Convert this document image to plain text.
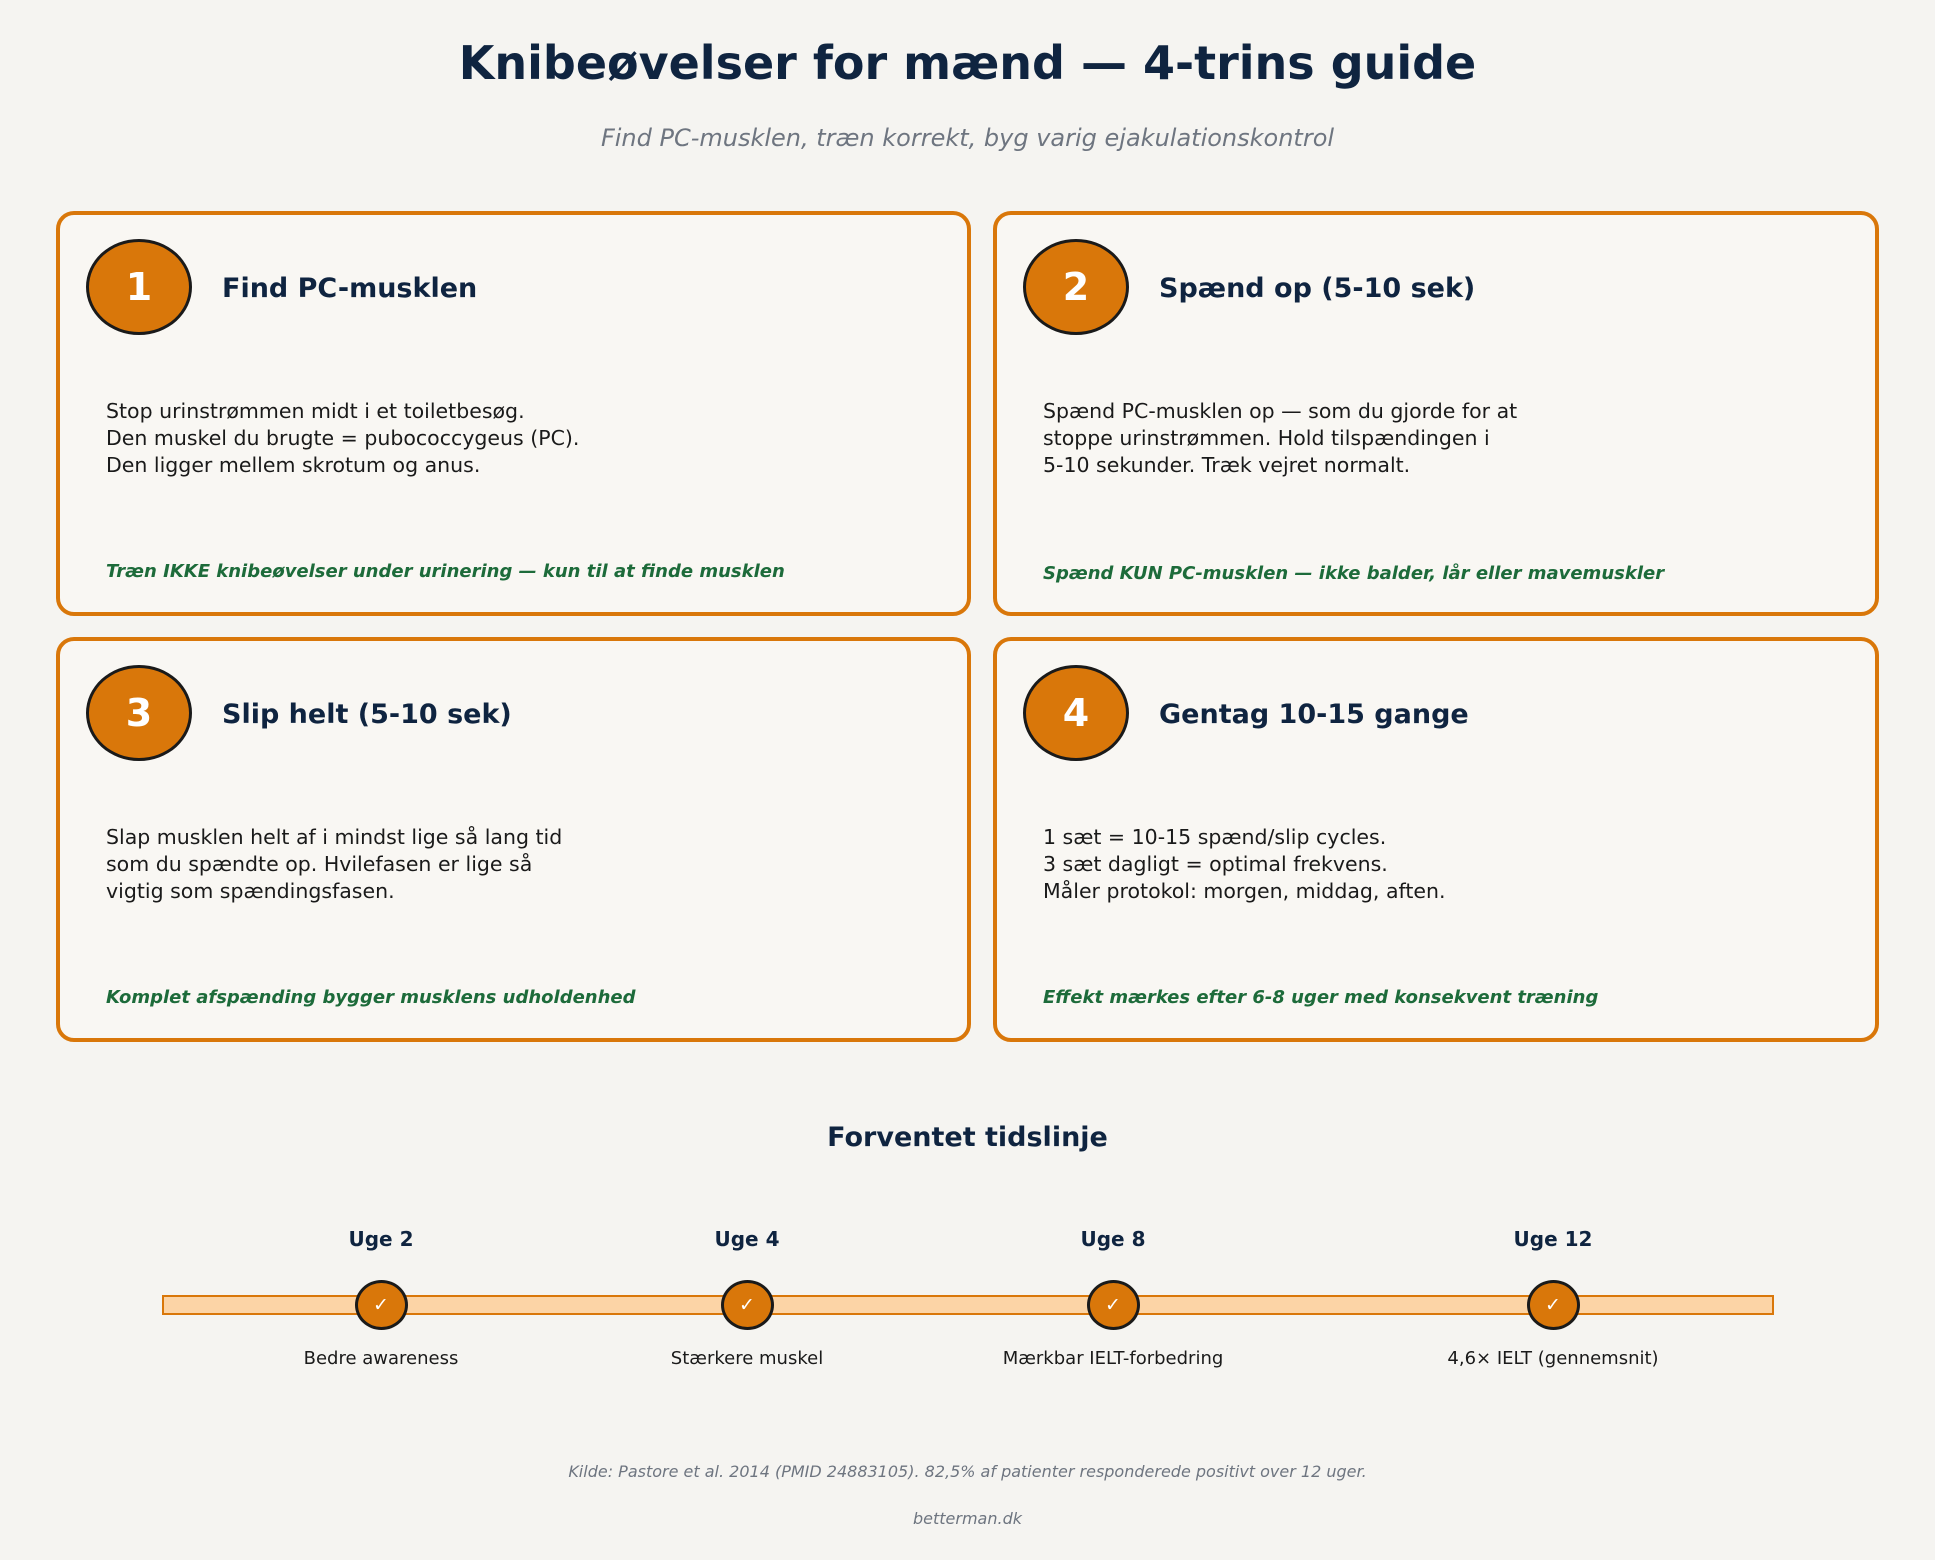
Knibeøvelser for mænd — 4-trins guide
Find PC-musklen, træn korrekt, byg varig ejakulationskontrol
1	Find PC-musklen
Stop urinstrømmen midt i et toiletbesøg.
Den muskel du brugte = pubococcygeus (PC).
Den ligger mellem skrotum og anus.
Træn IKKE knibeøvelser under urinering — kun til at finde musklen
2	Spænd op (5-10 sek)
Spænd PC-musklen op — som du gjorde for at
stoppe urinstrømmen. Hold tilspændingen i
5-10 sekunder. Træk vejret normalt.
Spænd KUN PC-musklen — ikke balder, lår eller mavemuskler
3	Slip helt (5-10 sek)
Slap musklen helt af i mindst lige så lang tid
som du spændte op. Hvilefasen er lige så
vigtig som spændingsfasen.
Komplet afspænding bygger musklens udholdenhed
4	Gentag 10-15 gange
1 sæt = 10-15 spænd/slip cycles.
3 sæt dagligt = optimal frekvens.
Måler protokol: morgen, middag, aften.
Effekt mærkes efter 6-8 uger med konsekvent træning
Forventet tidslinje
Uge 2
✓
Bedre awareness
Uge 4
✓
Stærkere muskel
Uge 8
✓
Mærkbar IELT-forbedring
Uge 12
✓
4,6× IELT (gennemsnit)
Kilde: Pastore et al. 2014 (PMID 24883105). 82,5% af patienter responderede positivt over 12 uger.
betterman.dk
